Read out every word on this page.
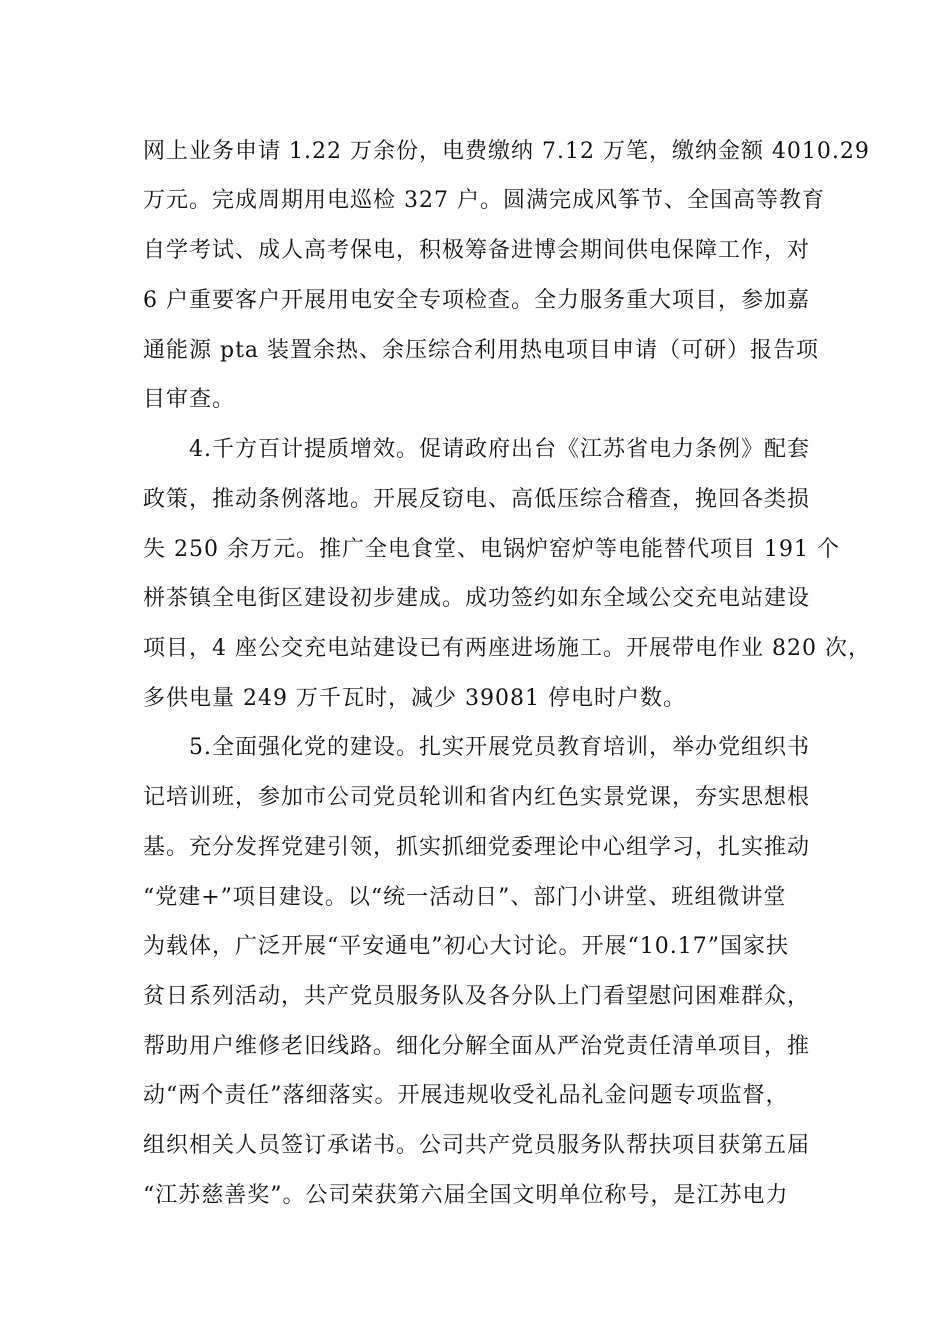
网上业务申请 1.22 万余份，电费缴纳 7.12 万笔，缴纳金额 4010.29
万元。完成周期用电巡检 327 户。圆满完成风筝节、全国高等教育
自学考试、成人高考保电，积极筹备进博会期间供电保障工作，对
6 户重要客户开展用电安全专项检查。全力服务重大项目，参加嘉
通能源 pta 装置余热、余压综合利用热电项目申请（可研）报告项
目审查。
4.千方百计提质增效。促请政府出台《江苏省电力条例》配套
政策，推动条例落地。开展反窃电、高低压综合稽查，挽回各类损
失 250 余万元。推广全电食堂、电锅炉窑炉等电能替代项目 191 个
栟茶镇全电街区建设初步建成。成功签约如东全域公交充电站建设
项目，4 座公交充电站建设已有两座进场施工。开展带电作业 820 次，
多供电量 249 万千瓦时，减少 39081 停电时户数。
5.全面强化党的建设。扎实开展党员教育培训，举办党组织书
记培训班，参加市公司党员轮训和省内红色实景党课，夯实思想根
基。充分发挥党建引领，抓实抓细党委理论中心组学习，扎实推动
“党建+”项目建设。以“统一活动日”、部门小讲堂、班组微讲堂
为载体，广泛开展“平安通电”初心大讨论。开展“10.17”国家扶
贫日系列活动，共产党员服务队及各分队上门看望慰问困难群众，
帮助用户维修老旧线路。细化分解全面从严治党责任清单项目，推
动“两个责任”落细落实。开展违规收受礼品礼金问题专项监督，
组织相关人员签订承诺书。公司共产党员服务队帮扶项目获第五届
“江苏慈善奖”。公司荣获第六届全国文明单位称号，是江苏电力
